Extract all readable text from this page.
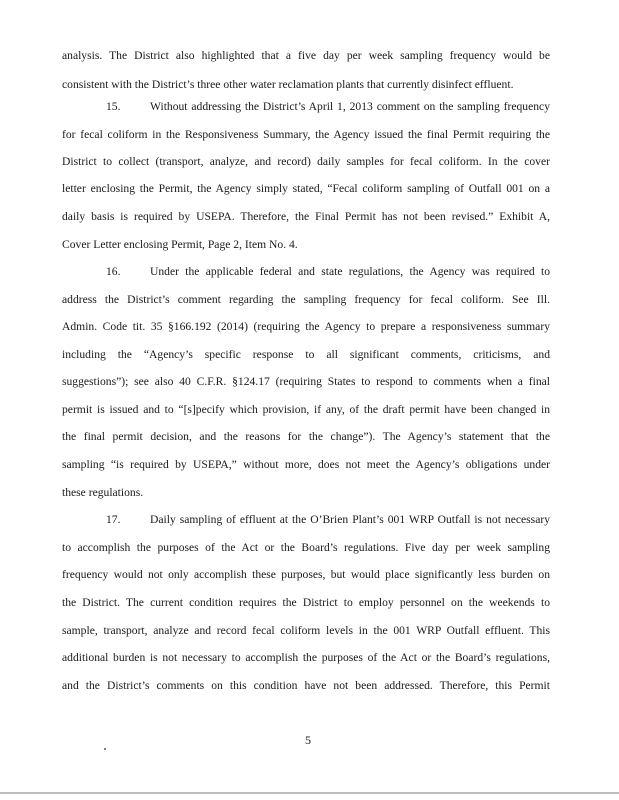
analysis. The District also highlighted that a five day per week sampling frequency would be
consistent with the District’s three other water reclamation plants that currently disinfect effluent.
15.	Without addressing the District’s April 1, 2013 comment on the sampling frequency
for fecal coliform in the Responsiveness Summary, the Agency issued the final Permit requiring the
District to collect (transport, analyze, and record) daily samples for fecal coliform. In the cover
letter enclosing the Permit, the Agency simply stated, “Fecal coliform sampling of Outfall 001 on a
daily basis is required by USEPA. Therefore, the Final Permit has not been revised.” Exhibit A,
Cover Letter enclosing Permit, Page 2, Item No. 4.
16.	Under the applicable federal and state regulations, the Agency was required to
address the District’s comment regarding the sampling frequency for fecal coliform. See Ill.
Admin. Code tit. 35 §166.192 (2014) (requiring the Agency to prepare a responsiveness summary
including the “Agency’s specific response to all significant comments, criticisms, and
suggestions”); see also 40 C.F.R. §124.17 (requiring States to respond to comments when a final
permit is issued and to “[s]pecify which provision, if any, of the draft permit have been changed in
the final permit decision, and the reasons for the change”). The Agency’s statement that the
sampling “is required by USEPA,” without more, does not meet the Agency’s obligations under
these regulations.
17.	Daily sampling of effluent at the O’Brien Plant’s 001 WRP Outfall is not necessary
to accomplish the purposes of the Act or the Board’s regulations. Five day per week sampling
frequency would not only accomplish these purposes, but would place significantly less burden on
the District. The current condition requires the District to employ personnel on the weekends to
sample, transport, analyze and record fecal coliform levels in the 001 WRP Outfall effluent. This
additional burden is not necessary to accomplish the purposes of the Act or the Board’s regulations,
and the District’s comments on this condition have not been addressed. Therefore, this Permit
5
